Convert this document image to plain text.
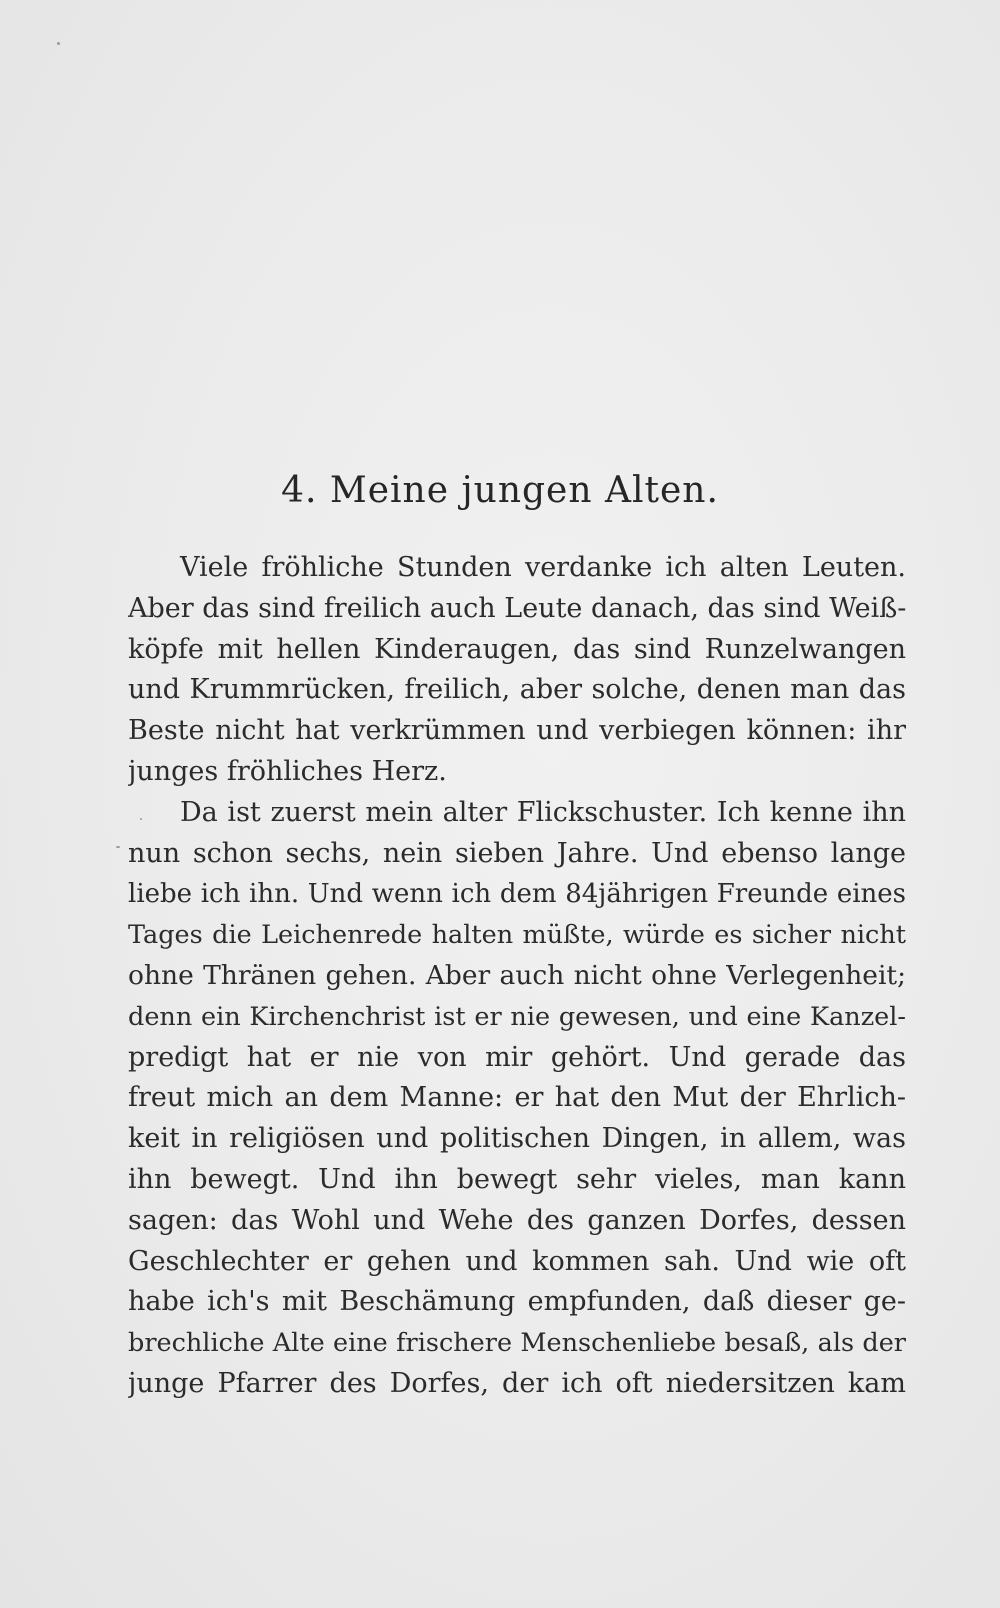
4. Meine jungen Alten.
Viele fröhliche Stunden verdanke ich alten Leuten.
Aber das sind freilich auch Leute danach, das sind Weiß-
köpfe mit hellen Kinderaugen, das sind Runzelwangen
und Krummrücken, freilich, aber solche, denen man das
Beste nicht hat verkrümmen und verbiegen können: ihr
junges fröhliches Herz.
Da ist zuerst mein alter Flickschuster. Ich kenne ihn
nun schon sechs, nein sieben Jahre. Und ebenso lange
liebe ich ihn. Und wenn ich dem 84jährigen Freunde eines
Tages die Leichenrede halten müßte, würde es sicher nicht
ohne Thränen gehen. Aber auch nicht ohne Verlegenheit;
denn ein Kirchenchrist ist er nie gewesen, und eine Kanzel-
predigt hat er nie von mir gehört. Und gerade das
freut mich an dem Manne: er hat den Mut der Ehrlich-
keit in religiösen und politischen Dingen, in allem, was
ihn bewegt. Und ihn bewegt sehr vieles, man kann
sagen: das Wohl und Wehe des ganzen Dorfes, dessen
Geschlechter er gehen und kommen sah. Und wie oft
habe ich's mit Beschämung empfunden, daß dieser ge-
brechliche Alte eine frischere Menschenliebe besaß, als der
junge Pfarrer des Dorfes, der ich oft niedersitzen kam
